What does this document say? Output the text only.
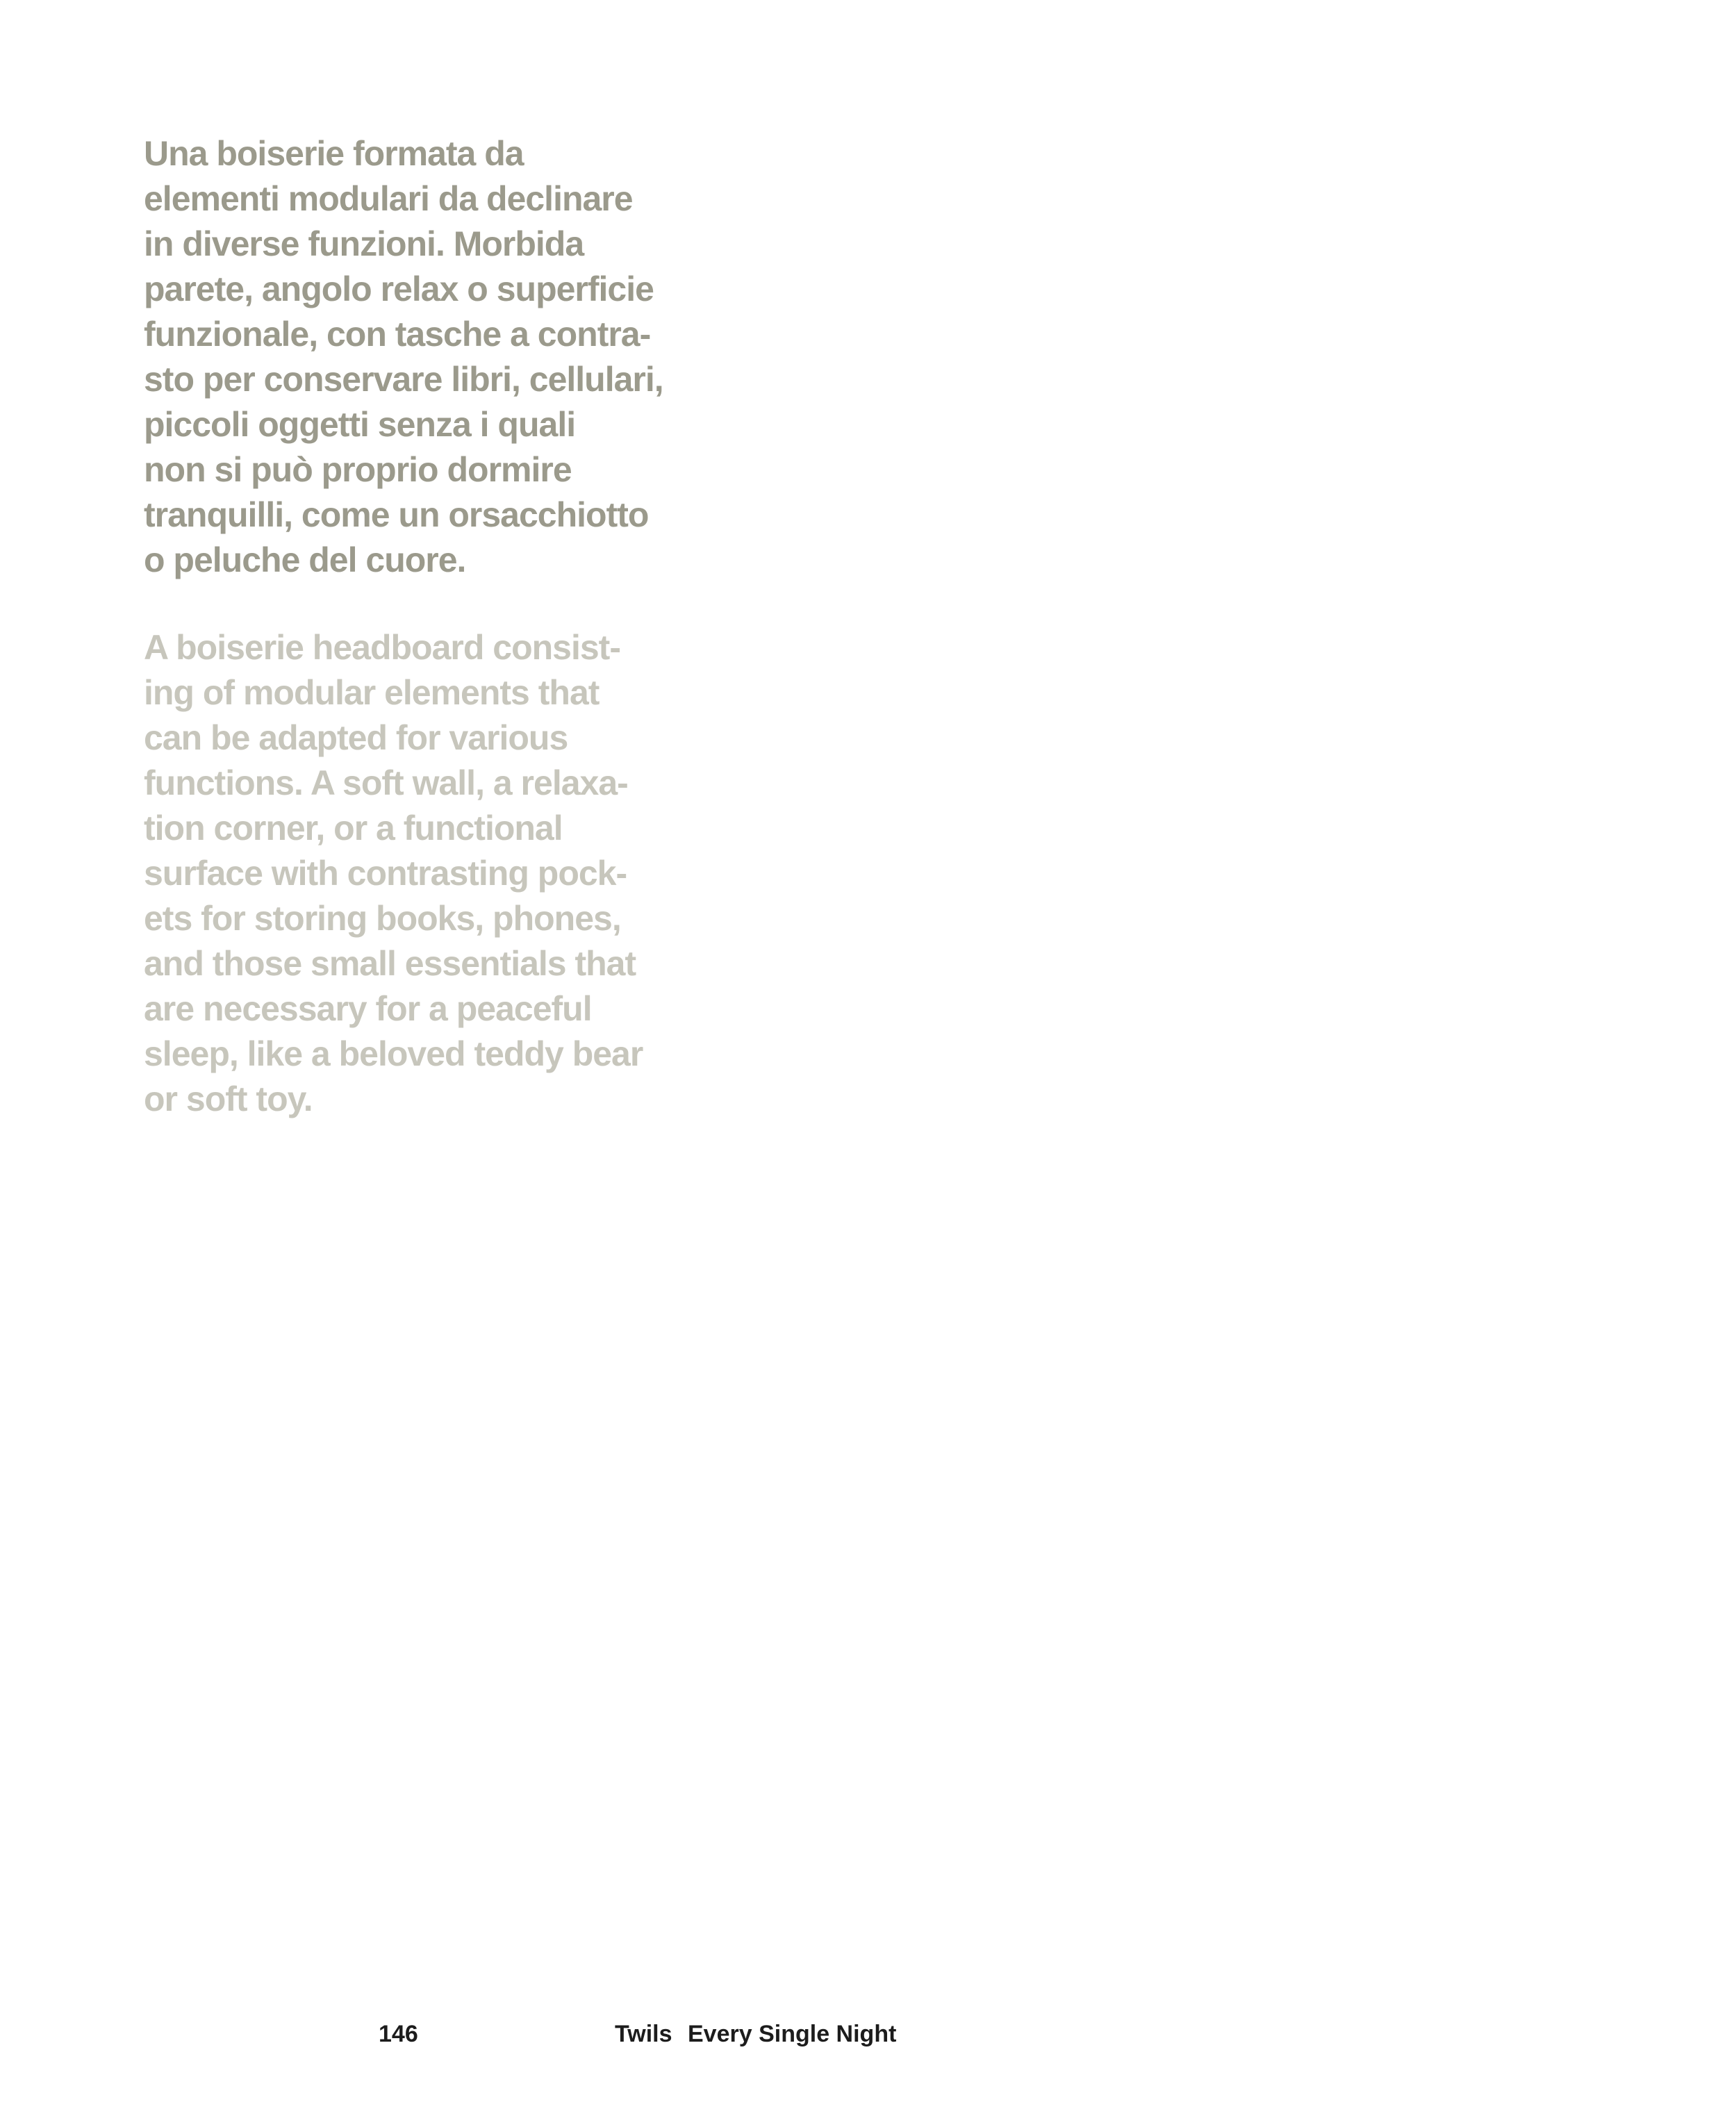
Una boiserie formata da
elementi modulari da declinare
in diverse funzioni. Morbida
parete, angolo relax o superficie
funzionale, con tasche a contra-
sto per conservare libri, cellulari,
piccoli oggetti senza i quali
non si può proprio dormire
tranquilli, come un orsacchiotto
o peluche del cuore.

A boiserie headboard consist-
ing of modular elements that
can be adapted for various
functions. A soft wall, a relaxa-
tion corner, or a functional
surface with contrasting pock-
ets for storing books, phones,
and those small essentials that
are necessary for a peaceful
sleep, like a beloved teddy bear
or soft toy.

146	Twils Every Single Night
